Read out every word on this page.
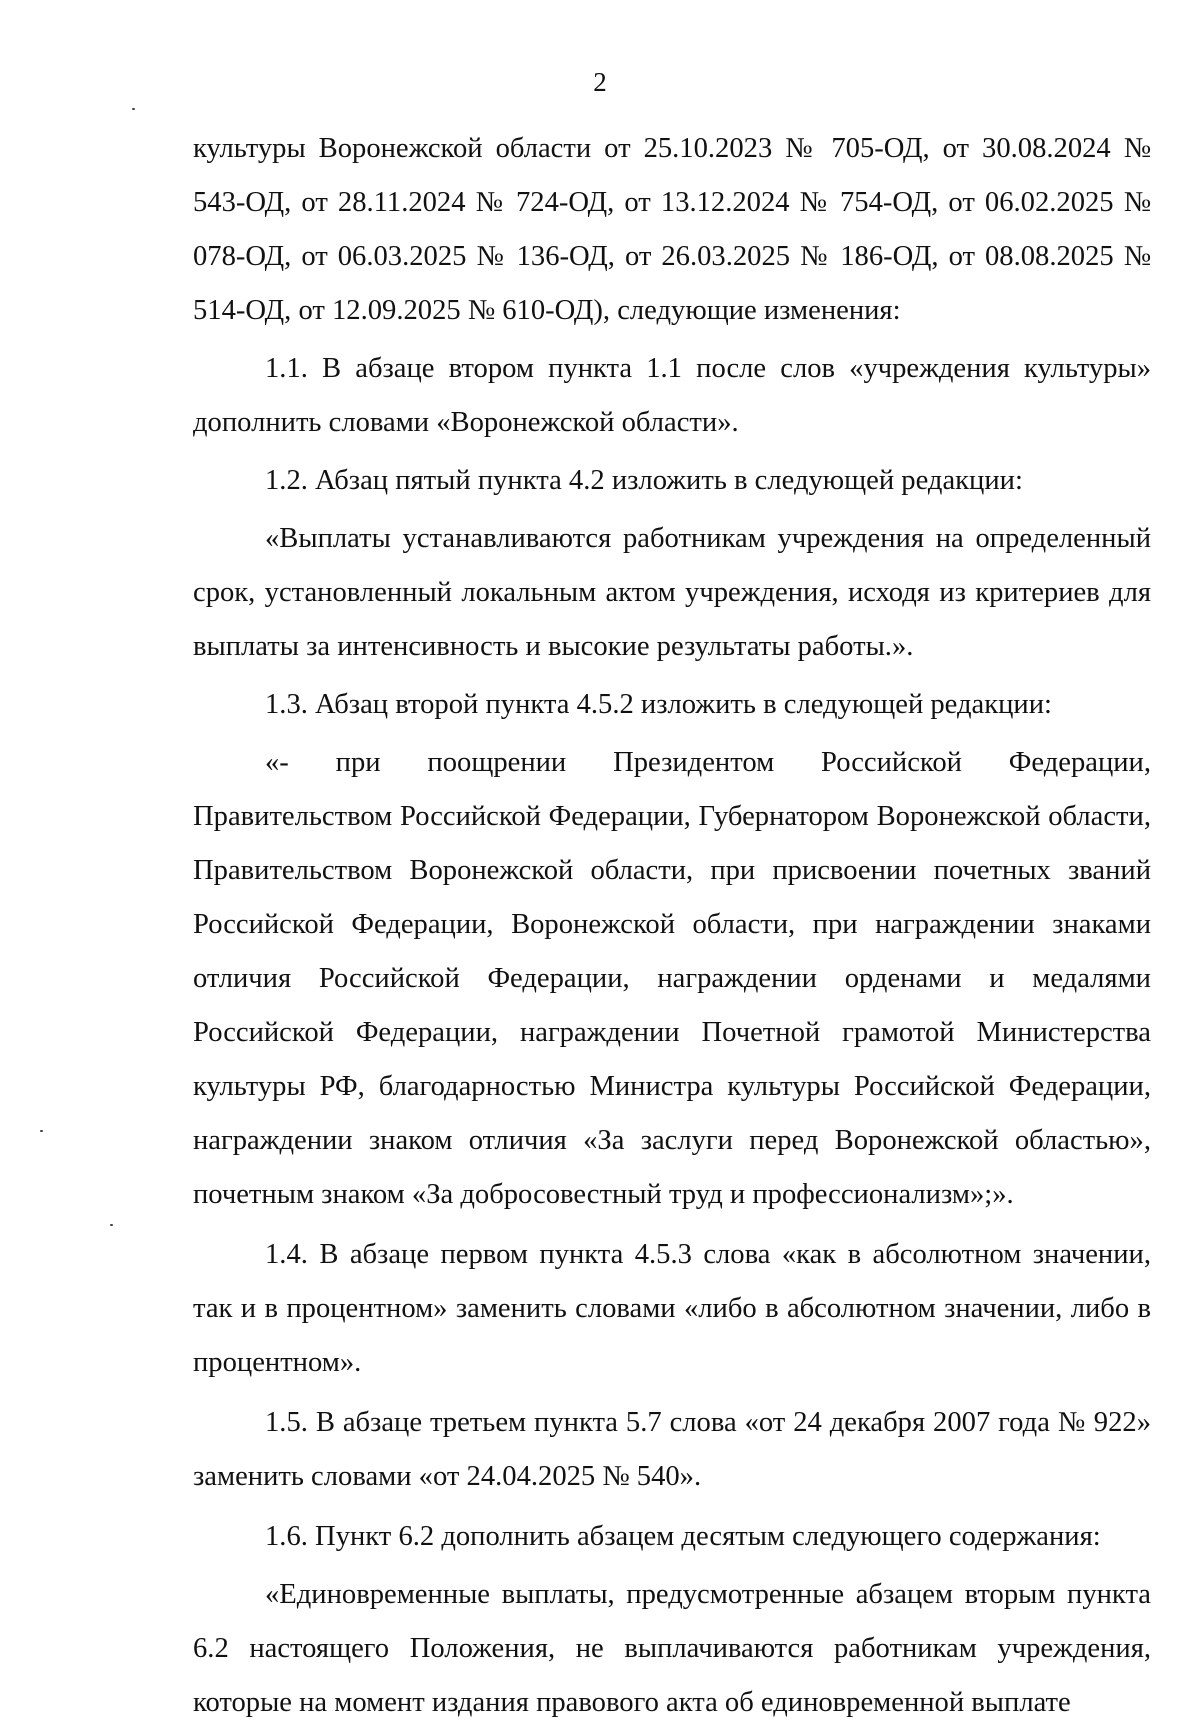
2

культуры Воронежской области от 25.10.2023 № 705-ОД, от 30.08.2024 № 543-ОД, от 28.11.2024 № 724-ОД, от 13.12.2024 № 754-ОД, от 06.02.2025 № 078-ОД, от 06.03.2025 № 136-ОД, от 26.03.2025 № 186-ОД, от 08.08.2025 № 514-ОД, от 12.09.2025 № 610-ОД), следующие изменения:

1.1. В абзаце втором пункта 1.1 после слов «учреждения культуры» дополнить словами «Воронежской области».

1.2. Абзац пятый пункта 4.2 изложить в следующей редакции:

«Выплаты устанавливаются работникам учреждения на определенный срок, установленный локальным актом учреждения, исходя из критериев для выплаты за интенсивность и высокие результаты работы.».

1.3. Абзац второй пункта 4.5.2 изложить в следующей редакции:

«- при поощрении Президентом Российской Федерации, Правительством Российской Федерации, Губернатором Воронежской области, Правительством Воронежской области, при присвоении почетных званий Российской Федерации, Воронежской области, при награждении знаками отличия Российской Федерации, награждении орденами и медалями Российской Федерации, награждении Почетной грамотой Министерства культуры РФ, благодарностью Министра культуры Российской Федерации, награждении знаком отличия «За заслуги перед Воронежской областью», почетным знаком «За добросовестный труд и профессионализм»;».

1.4. В абзаце первом пункта 4.5.3 слова «как в абсолютном значении, так и в процентном» заменить словами «либо в абсолютном значении, либо в процентном».

1.5. В абзаце третьем пункта 5.7 слова «от 24 декабря 2007 года № 922» заменить словами «от 24.04.2025 № 540».

1.6. Пункт 6.2 дополнить абзацем десятым следующего содержания:

«Единовременные выплаты, предусмотренные абзацем вторым пункта 6.2 настоящего Положения, не выплачиваются работникам учреждения, которые на момент издания правового акта об единовременной выплате
